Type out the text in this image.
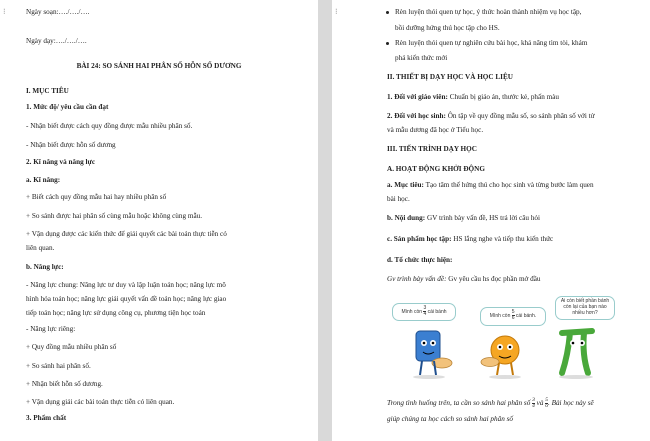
⁝	Ngày soạn:…./…./….
Ngày dạy:…./…./….
BÀI 24: SO SÁNH HAI PHÂN SỐ HỖN SỐ DƯƠNG
I. MỤC TIÊU
1. Mức độ/ yêu cầu cần đạt
- Nhận biết được cách quy đồng được mẫu nhiều phân số.
- Nhận biết được hỗn số dương
2. Kĩ năng và năng lực
a. Kĩ năng:
+ Biết cách quy đồng mẫu hai hay nhiều phân số
+ So sánh được hai phân số cùng mẫu hoặc không cùng mẫu.
+ Vận dụng được các kiến thức để giải quyết các bài toán thực tiễn có
liên quan.
b. Năng lực:
- Năng lực chung: Năng lực tư duy và lập luận toán học; năng lực mô
hình hóa toán học; năng lực giải quyết vấn đề toán học; năng lực giao
tiếp toán học; năng lực sử dụng công cụ, phương tiện học toán
- Năng lực riêng:
+ Quy đồng mẫu nhiều phân số
+ So sánh hai phân số.
+ Nhận biết hỗn số dương.
+ Vận dụng giải các bài toán thực tiễn có liên quan.
3. Phẩm chất
⁝	Rèn luyện thói quen tự học, ý thức hoàn thành nhiệm vụ học tập,
bồi dưỡng hứng thú học tập cho HS.
Rèn luyện thói quen tự nghiên cứu bài học, khả năng tìm tòi, khám
phá kiến thức mới
II. THIẾT BỊ DẠY HỌC VÀ HỌC LIỆU
1. Đối với giáo viên: Chuẩn bị giáo án, thước kẻ, phấn màu
2. Đối với học sinh: Ôn tập về quy đồng mẫu số, so sánh phân số với tử
và mẫu dương đã học ở Tiểu học.
III. TIẾN TRÌNH DẠY HỌC
A. HOẠT ĐỘNG KHỞI ĐỘNG
a. Mục tiêu: Tạo tâm thế hứng thú cho học sinh và từng bước làm quen
bài học.
b. Nội dung: GV trình bày vấn đề, HS trả lời câu hỏi
c. Sản phẩm học tập: HS lắng nghe và tiếp thu kiến thức
d. Tổ chức thực hiện:
Gv trình bày vấn đề: Gv yêu cầu hs đọc phần mở đầu
Mình còn $\frac{3}{4}$ cái bánh
Mình còn $\frac{5}{6}$ cái bánh.
Ai còn biết phần bánh còn lại của bạn nào nhiều hơn?
Trong tình huống trên, ta cần so sánh hai phân số $\frac{3}{4}$ và $\frac{5}{6}$ . Bài học này sẽ
giúp chúng ta học cách so sánh hai phân số
